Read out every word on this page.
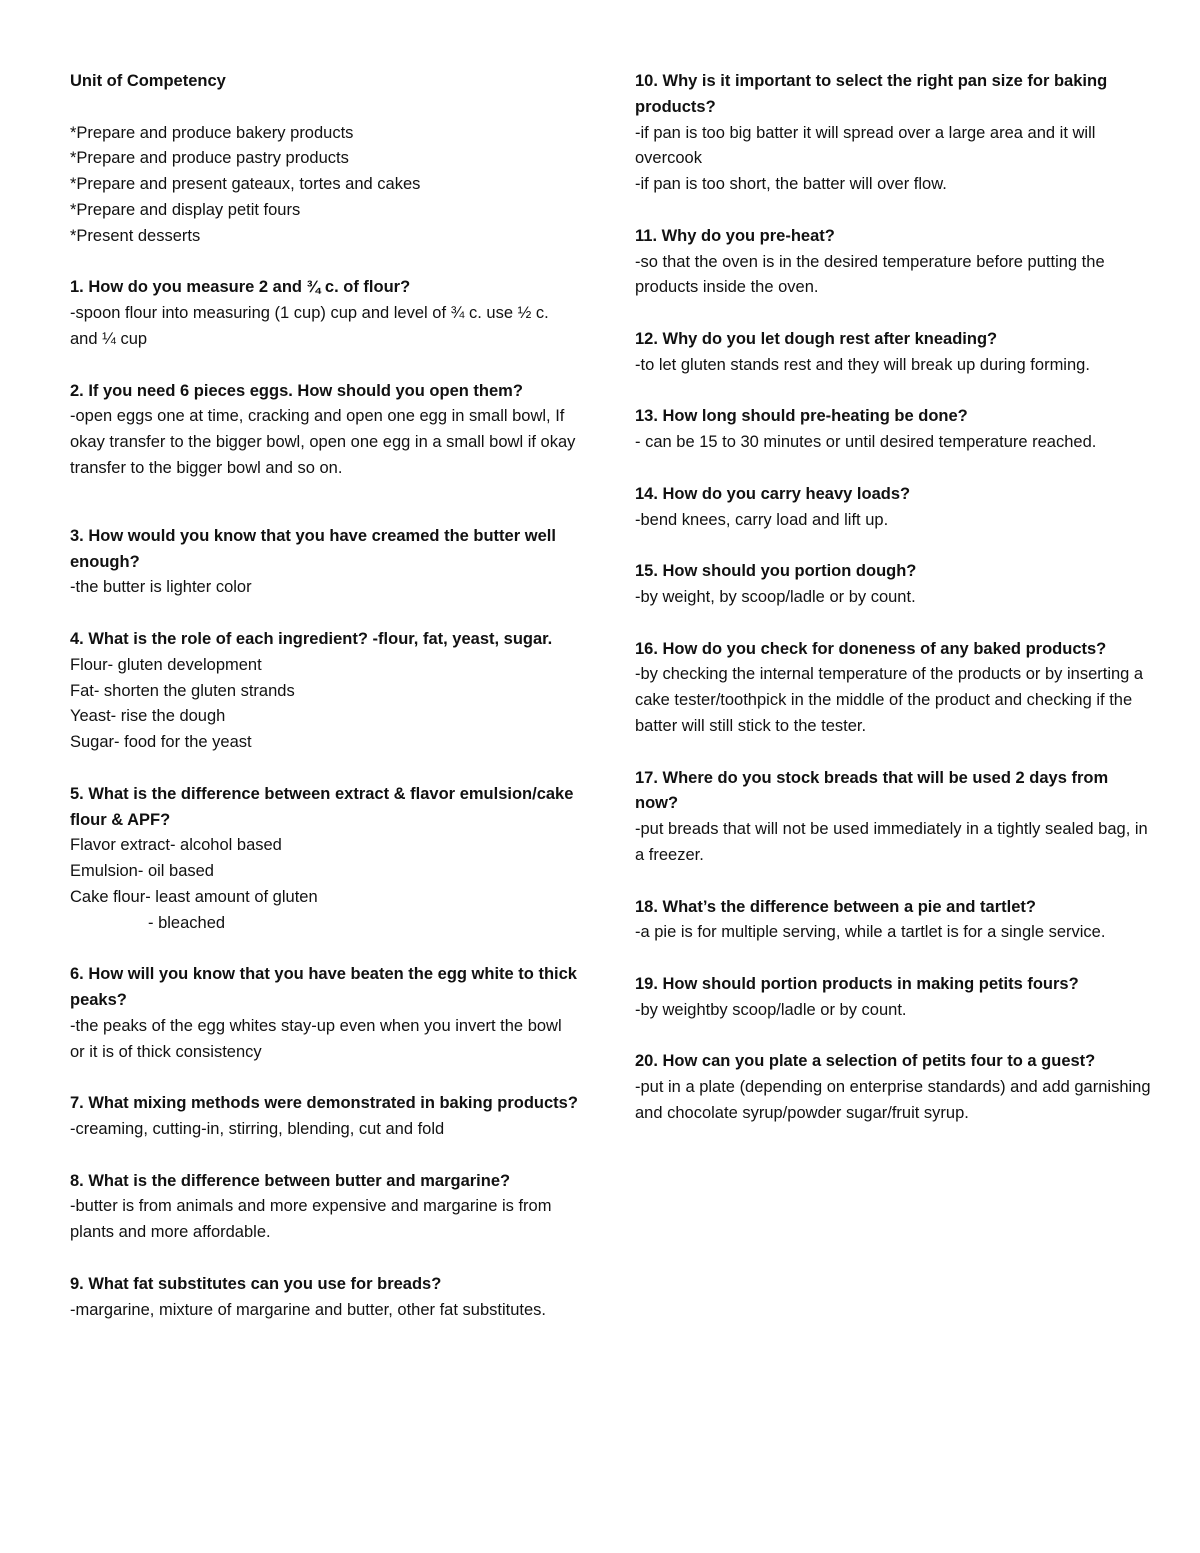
Unit of Competency

*Prepare and produce bakery products

*Prepare and produce pastry products

*Prepare and present gateaux, tortes and cakes

*Prepare and display petit fours

*Present desserts

1. How do you measure 2 and ¾ c. of flour?

-spoon flour into measuring (1 cup) cup and level of ¾ c. use ½ c. and ¼ cup

2. If you need 6 pieces eggs. How should you open them?

-open eggs one at time, cracking and open one egg in small bowl, If okay transfer to the bigger bowl, open one egg in a small bowl if okay transfer to the bigger bowl and so on.

3. How would you know that you have creamed the butter well enough?

-the butter is lighter color

4. What is the role of each ingredient? -flour, fat, yeast, sugar.

Flour- gluten development

Fat- shorten the gluten strands

Yeast- rise the dough

Sugar- food for the yeast

5. What is the difference between extract & flavor emulsion/cake flour & APF?

Flavor extract- alcohol based

Emulsion- oil based

Cake flour- least amount of gluten

- bleached

6. How will you know that you have beaten the egg white to thick peaks?

-the peaks of the egg whites stay-up even when you invert the bowl or it is of thick consistency

7. What mixing methods were demonstrated in baking products?

-creaming, cutting-in, stirring, blending, cut and fold

8. What is the difference between butter and margarine?

-butter is from animals and more expensive and margarine is from plants and more affordable.

9. What fat substitutes can you use for breads?

-margarine, mixture of margarine and butter, other fat substitutes.

10. Why is it important to select the right pan size for baking products?

-if pan is too big batter it will spread over a large area and it will overcook

-if pan is too short, the batter will over flow.

11. Why do you pre-heat?

-so that the oven is in the desired temperature before putting the products inside the oven.

12. Why do you let dough rest after kneading?

-to let gluten stands rest and they will break up during forming.

13. How long should pre-heating be done?

- can be 15 to 30 minutes or until desired temperature reached.

14. How do you carry heavy loads?

-bend knees, carry load and lift up.

15. How should you portion dough?

-by weight, by scoop/ladle or by count.

16. How do you check for doneness of any baked products?

-by checking the internal temperature of the products or by inserting a cake tester/toothpick in the middle of the product and checking if the batter will still stick to the tester.

17. Where do you stock breads that will be used 2 days from now?

-put breads that will not be used immediately in a tightly sealed bag, in a freezer.

18. What’s the difference between a pie and tartlet?

-a pie is for multiple serving, while a tartlet is for a single service.

19. How should portion products in making petits fours?

-by weightby scoop/ladle or by count.

20. How can you plate a selection of petits four to a guest?

-put in a plate (depending on enterprise standards) and add garnishing and chocolate syrup/powder sugar/fruit syrup.
